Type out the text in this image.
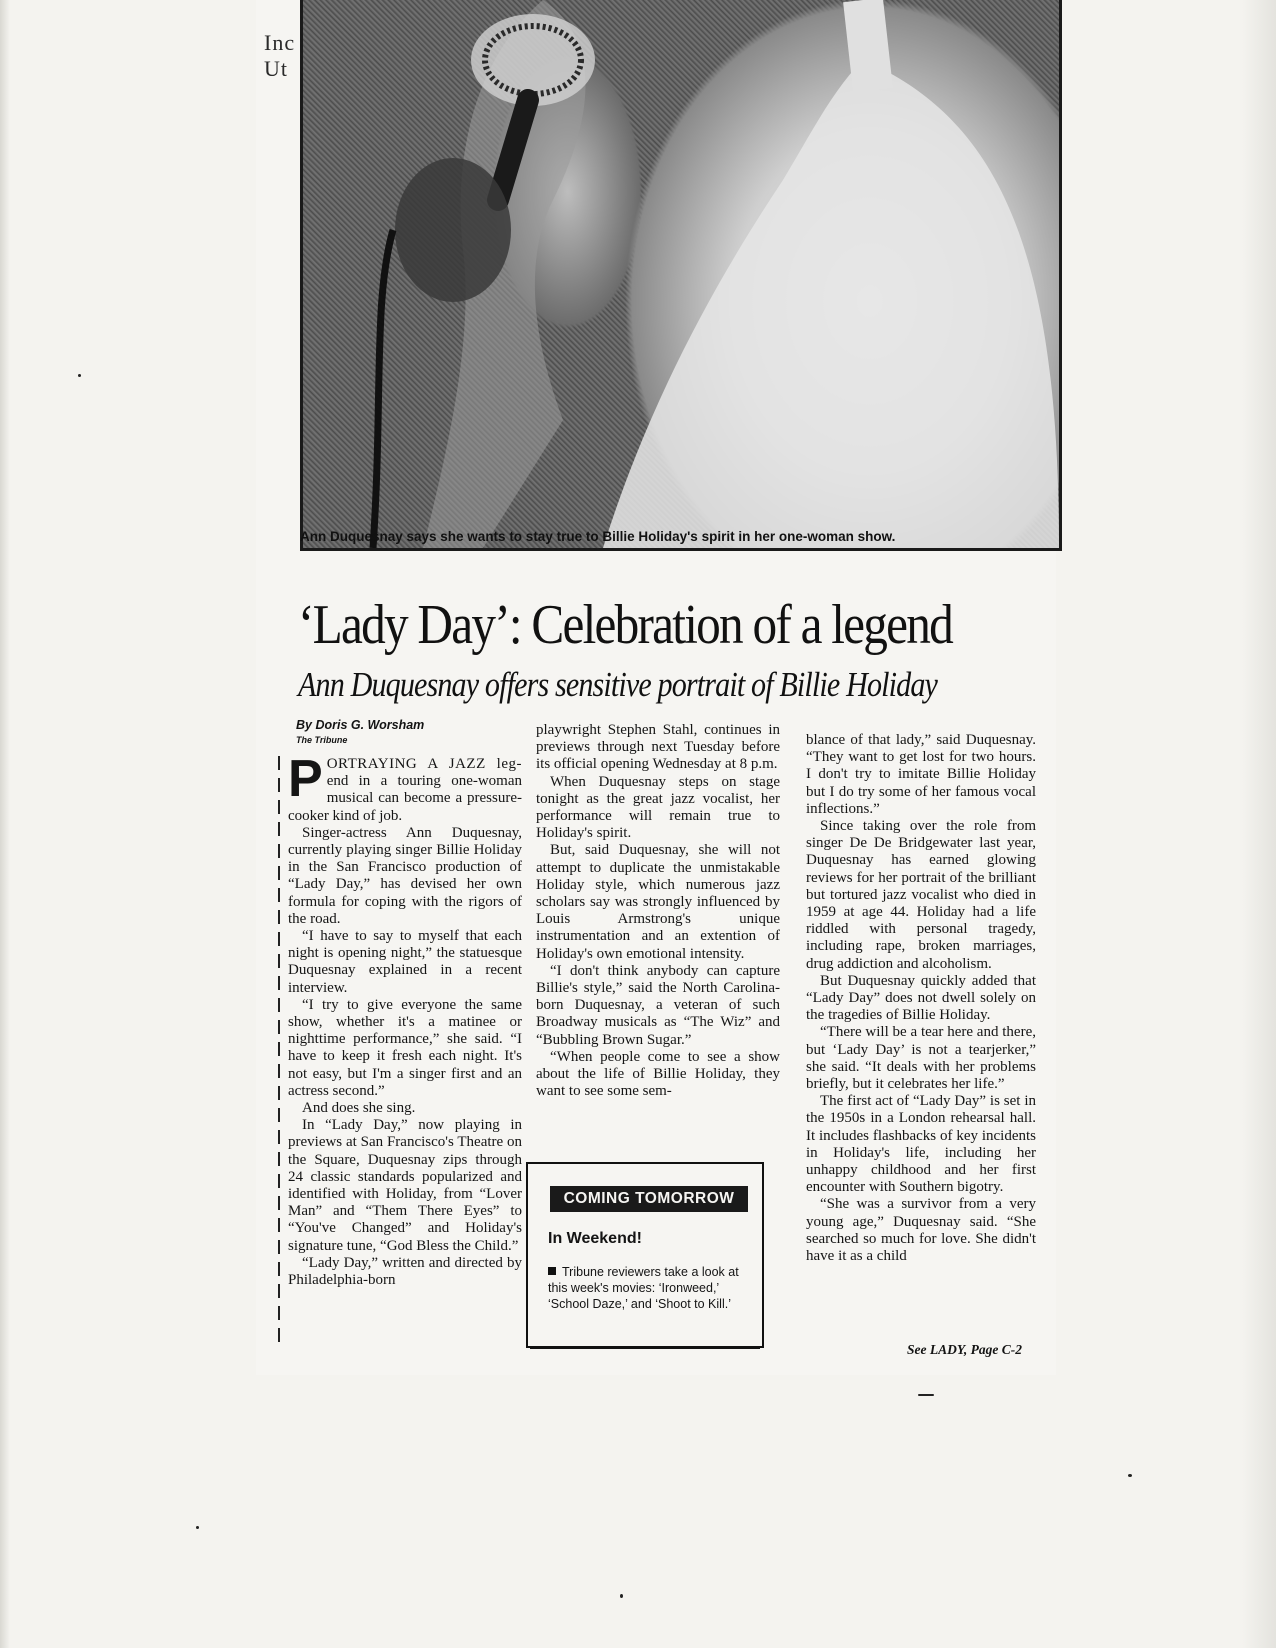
Inc
Ut
Ann Duquesnay says she wants to stay true to Billie Holiday's spirit in her one-woman show.
‘Lady Day’: Celebration of a legend
Ann Duquesnay offers sensitive portrait of Billie Holiday
By Doris G. Worsham
The Tribune

PORTRAYING A JAZZ leg- end in a touring one-woman musical can become a pressure-cooker kind of job.

Singer-actress Ann Duquesnay, currently playing singer Billie Holiday in the San Francisco production of “Lady Day,” has devised her own formula for coping with the rigors of the road.

“I have to say to myself that each night is opening night,” the statuesque Duquesnay explained in a recent interview.

“I try to give everyone the same show, whether it's a matinee or nighttime performance,” she said. “I have to keep it fresh each night. It's not easy, but I'm a singer first and an actress second.”

And does she sing.

In “Lady Day,” now playing in previews at San Francisco's Theatre on the Square, Duquesnay zips through 24 classic standards popularized and identified with Holiday, from “Lover Man” and “Them There Eyes” to “You've Changed” and Holiday's signature tune, “God Bless the Child.”

“Lady Day,” written and directed by Philadelphia-born

playwright Stephen Stahl, continues in previews through next Tuesday before its official opening Wednesday at 8 p.m.

When Duquesnay steps on stage tonight as the great jazz vocalist, her performance will remain true to Holiday's spirit.

But, said Duquesnay, she will not attempt to duplicate the unmistakable Holiday style, which numerous jazz scholars say was strongly influenced by Louis Armstrong's unique instrumentation and an extention of Holiday's own emotional intensity.

“I don't think anybody can capture Billie's style,” said the North Carolina-born Duquesnay, a veteran of such Broadway musicals as “The Wiz” and “Bubbling Brown Sugar.”

“When people come to see a show about the life of Billie Holiday, they want to see some sem-

blance of that lady,” said Duquesnay. “They want to get lost for two hours. I don't try to imitate Billie Holiday but I do try some of her famous vocal inflections.”

Since taking over the role from singer De De Bridgewater last year, Duquesnay has earned glowing reviews for her portrait of the brilliant but tortured jazz vocalist who died in 1959 at age 44. Holiday had a life riddled with personal tragedy, including rape, broken marriages, drug addiction and alcoholism.

But Duquesnay quickly added that “Lady Day” does not dwell solely on the tragedies of Billie Holiday.

“There will be a tear here and there, but ‘Lady Day’ is not a tearjerker,” she said. “It deals with her problems briefly, but it celebrates her life.”

The first act of “Lady Day” is set in the 1950s in a London rehearsal hall. It includes flashbacks of key incidents in Holiday's life, including her unhappy childhood and her first encounter with Southern bigotry.

“She was a survivor from a very young age,” Duquesnay said. “She searched so much for love. She didn't have it as a child

COMING TOMORROW
In Weekend!
Tribune reviewers take a look at this week's movies: ‘Ironweed,’ ‘School Daze,’ and ‘Shoot to Kill.’
See LADY, Page C-2
